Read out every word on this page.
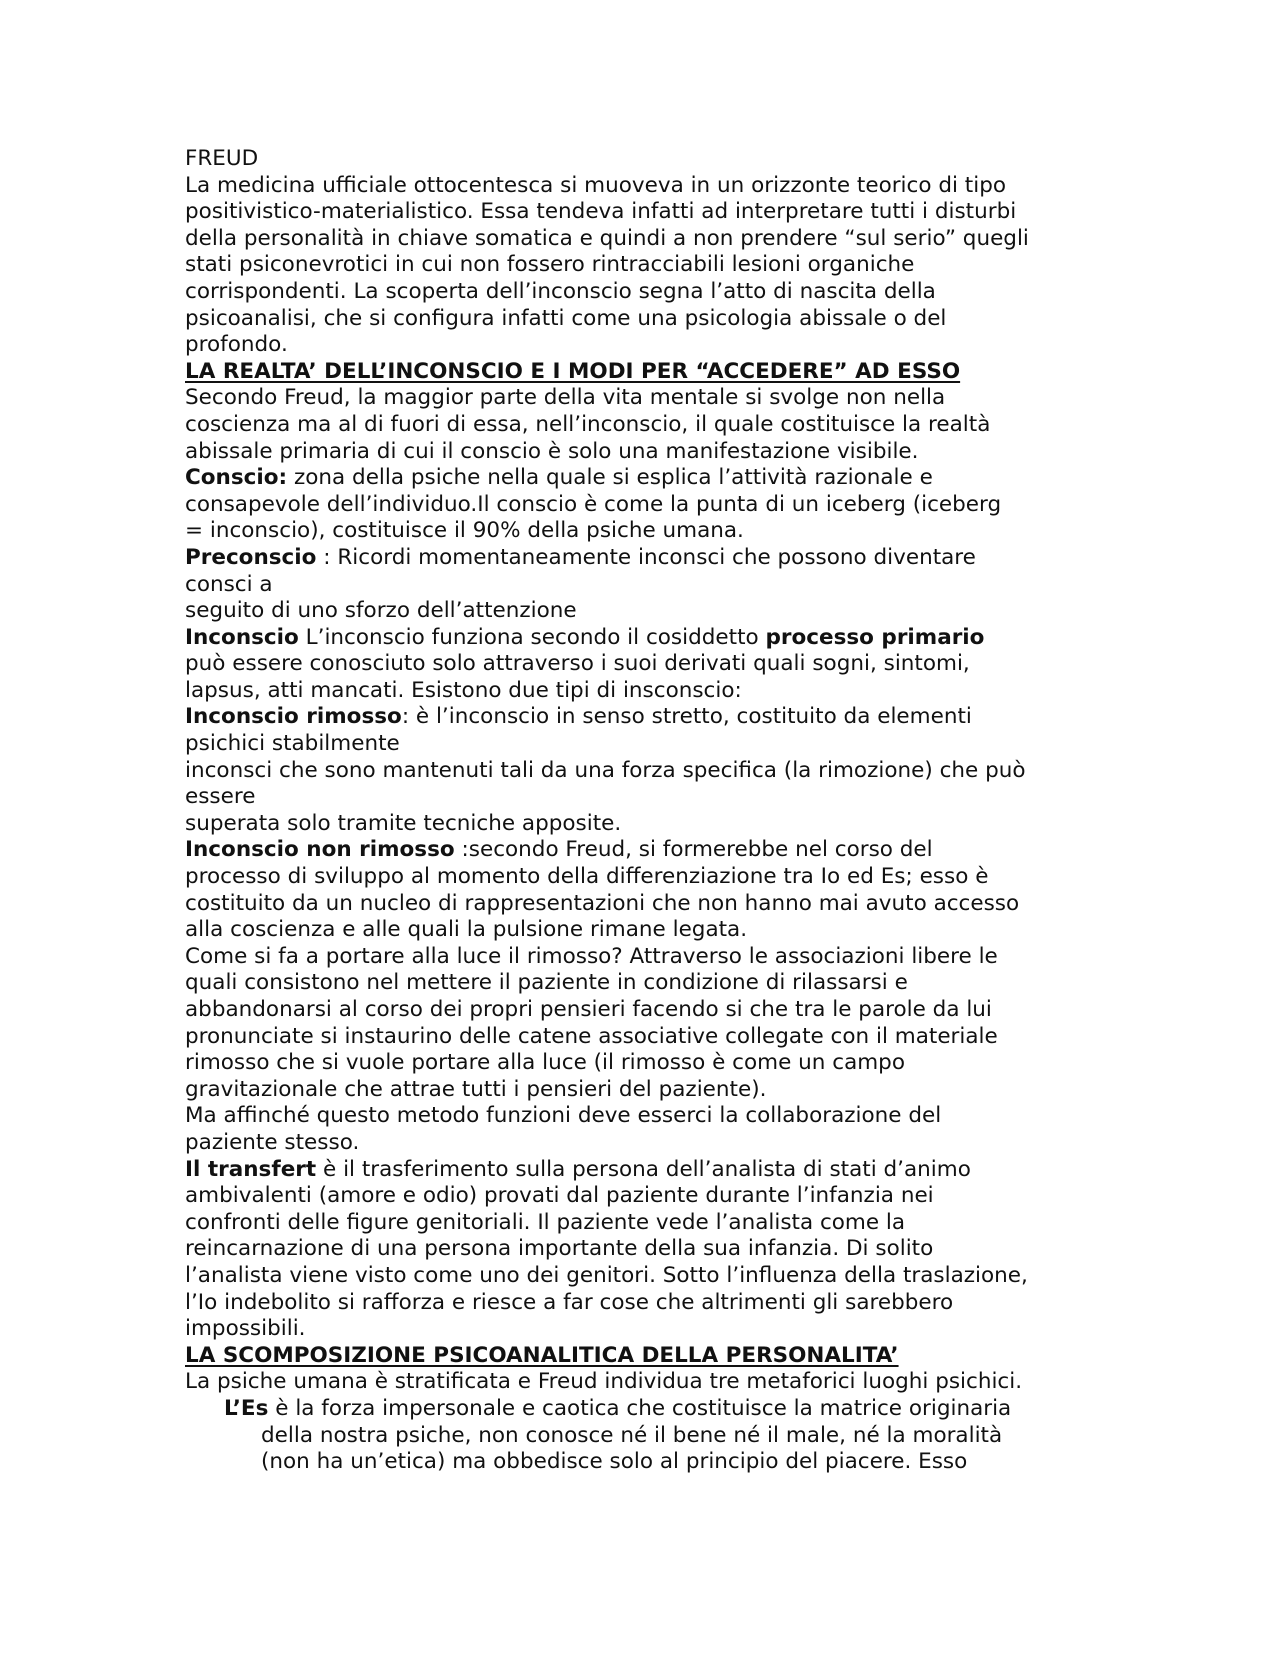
FREUD
La medicina ufficiale ottocentesca si muoveva in un orizzonte teorico di tipo
positivistico-materialistico. Essa tendeva infatti ad interpretare tutti i disturbi
della personalità in chiave somatica e quindi a non prendere “sul serio” quegli
stati psiconevrotici in cui non fossero rintracciabili lesioni organiche
corrispondenti. La scoperta dell’inconscio segna l’atto di nascita della
psicoanalisi, che si configura infatti come una psicologia abissale o del
profondo.
LA REALTA’ DELL’INCONSCIO E I MODI PER “ACCEDERE” AD ESSO
Secondo Freud, la maggior parte della vita mentale si svolge non nella
coscienza ma al di fuori di essa, nell’inconscio, il quale costituisce la realtà
abissale primaria di cui il conscio è solo una manifestazione visibile.
Conscio: zona della psiche nella quale si esplica l’attività razionale e
consapevole dell’individuo.Il conscio è come la punta di un iceberg (iceberg
= inconscio), costituisce il 90% della psiche umana.
Preconscio : Ricordi momentaneamente inconsci che possono diventare
consci a
seguito di uno sforzo dell’attenzione
Inconscio L’inconscio funziona secondo il cosiddetto processo primario
può essere conosciuto solo attraverso i suoi derivati quali sogni, sintomi,
lapsus, atti mancati. Esistono due tipi di insconscio:
Inconscio rimosso: è l’inconscio in senso stretto, costituito da elementi
psichici stabilmente
inconsci che sono mantenuti tali da una forza specifica (la rimozione) che può
essere
superata solo tramite tecniche apposite.
Inconscio non rimosso :secondo Freud, si formerebbe nel corso del
processo di sviluppo al momento della differenziazione tra Io ed Es; esso è
costituito da un nucleo di rappresentazioni che non hanno mai avuto accesso
alla coscienza e alle quali la pulsione rimane legata.
Come si fa a portare alla luce il rimosso? Attraverso le associazioni libere le
quali consistono nel mettere il paziente in condizione di rilassarsi e
abbandonarsi al corso dei propri pensieri facendo si che tra le parole da lui
pronunciate si instaurino delle catene associative collegate con il materiale
rimosso che si vuole portare alla luce (il rimosso è come un campo
gravitazionale che attrae tutti i pensieri del paziente).
Ma affinché questo metodo funzioni deve esserci la collaborazione del
paziente stesso.
Il transfert è il trasferimento sulla persona dell’analista di stati d’animo
ambivalenti (amore e odio) provati dal paziente durante l’infanzia nei
confronti delle figure genitoriali. Il paziente vede l’analista come la
reincarnazione di una persona importante della sua infanzia. Di solito
l’analista viene visto come uno dei genitori. Sotto l’influenza della traslazione,
l’Io indebolito si rafforza e riesce a far cose che altrimenti gli sarebbero
impossibili.
LA SCOMPOSIZIONE PSICOANALITICA DELLA PERSONALITA’
La psiche umana è stratificata e Freud individua tre metaforici luoghi psichici.
L’Es è la forza impersonale e caotica che costituisce la matrice originaria
della nostra psiche, non conosce né il bene né il male, né la moralità
(non ha un’etica) ma obbedisce solo al principio del piacere. Esso
